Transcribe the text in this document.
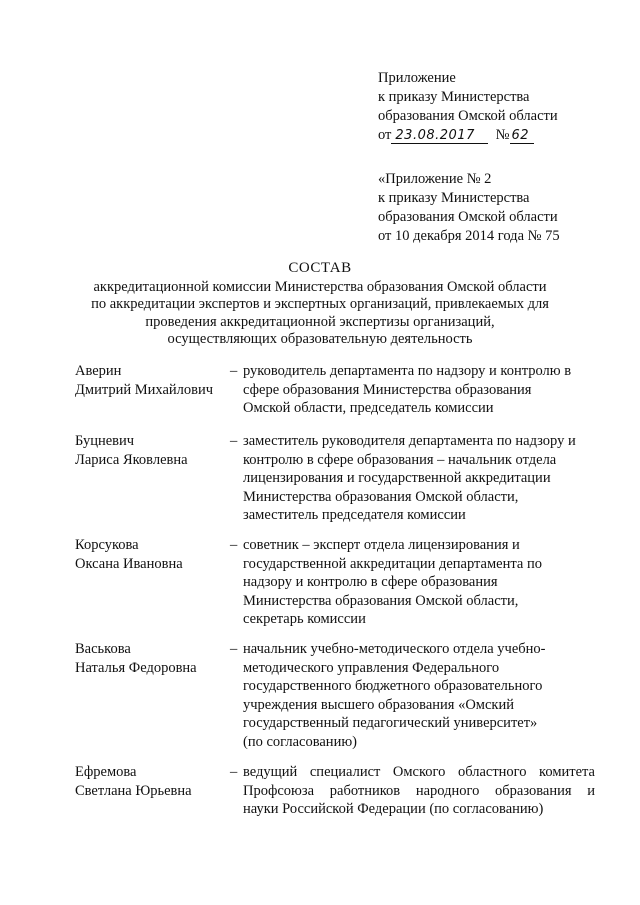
Приложение
к приказу Министерства
образования Омской области
от 23.08.2017 № 62
«Приложение № 2
к приказу Министерства
образования Омской области
от 10 декабря 2014 года № 75
СОСТАВ
аккредитационной комиссии Министерства образования Омской области
по аккредитации экспертов и экспертных организаций, привлекаемых для
проведения аккредитационной экспертизы организаций,
осуществляющих образовательную деятельность
Аверин
Дмитрий Михайлович
– руководитель департамента по надзору и контролю в
сфере образования Министерства образования
Омской области, председатель комиссии
Буцневич
Лариса Яковлевна
– заместитель руководителя департамента по надзору и
контролю в сфере образования – начальник отдела
лицензирования и государственной аккредитации
Министерства образования Омской области,
заместитель председателя комиссии
Корсукова
Оксана Ивановна
– советник – эксперт отдела лицензирования и
государственной аккредитации департамента по
надзору и контролю в сфере образования
Министерства образования Омской области,
секретарь комиссии
Васькова
Наталья Федоровна
– начальник учебно-методического отдела учебно-
методического управления Федерального
государственного бюджетного образовательного
учреждения высшего образования «Омский
государственный педагогический университет»
(по согласованию)
Ефремова
Светлана Юрьевна
– ведущий специалист Омского областного комитета
Профсоюза работников народного образования и
науки Российской Федерации (по согласованию)
